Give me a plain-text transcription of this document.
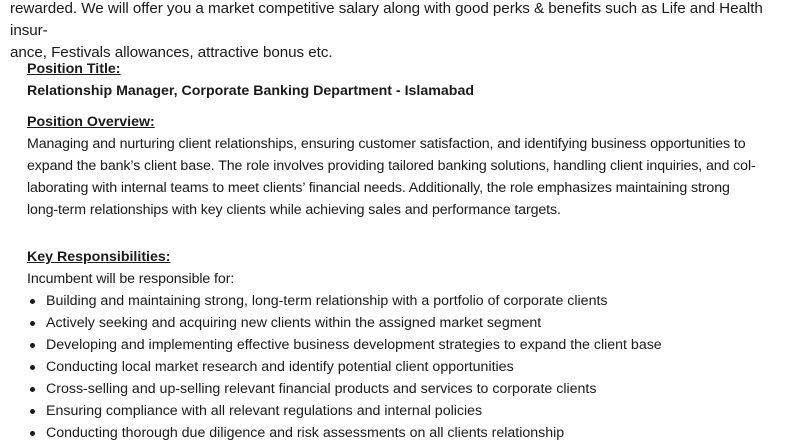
rewarded. We will offer you a market competitive salary along with good perks & benefits such as Life and Health insur-

ance, Festivals allowances, attractive bonus etc.

Position Title:

Relationship Manager, Corporate Banking Department - Islamabad

Position Overview:

Managing and nurturing client relationships, ensuring customer satisfaction, and identifying business opportunities to

expand the bank’s client base. The role involves providing tailored banking solutions, handling client inquiries, and col-

laborating with internal teams to meet clients’ financial needs. Additionally, the role emphasizes maintaining strong

long-term relationships with key clients while achieving sales and performance targets.

Key Responsibilities:

Incumbent will be responsible for:

Building and maintaining strong, long-term relationship with a portfolio of corporate clients
Actively seeking and acquiring new clients within the assigned market segment
Developing and implementing effective business development strategies to expand the client base
Conducting local market research and identify potential client opportunities
Cross-selling and up-selling relevant financial products and services to corporate clients
Ensuring compliance with all relevant regulations and internal policies
Conducting thorough due diligence and risk assessments on all clients relationship
